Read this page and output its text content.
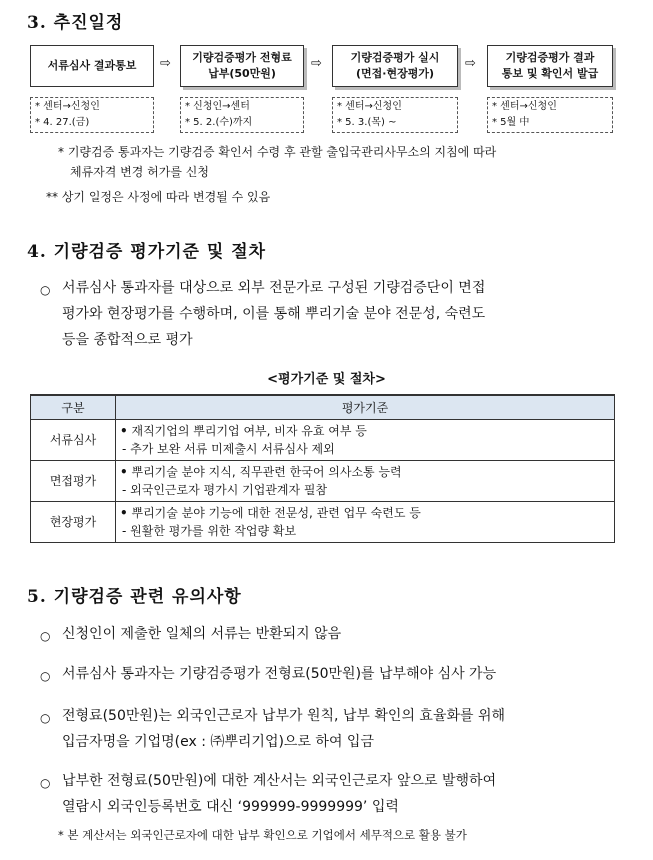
3. 추진일정
서류심사 결과통보 ⇨ 기량검증평가 전형료
납부(50만원)
⇨	기량검증평가 실시
(면접·현장평가)
⇨	기량검증평가 결과
통보 및 확인서 발급
* 센터→신청인
* 4. 27.(금)
* 신청인→센터
* 5. 2.(수)까지
* 센터→신청인
* 5. 3.(목) ~
* 센터→신청인
* 5월 中
* 기량검증 통과자는 기량검증 확인서 수령 후 관할 출입국관리사무소의 지침에 따라
체류자격 변경 허가를 신청
** 상기 일정은 사정에 따라 변경될 수 있음
4. 기량검증 평가기준 및 절차
○ 서류심사 통과자를 대상으로 외부 전문가로 구성된 기량검증단이 면접
평가와 현장평가를 수행하며, 이를 통해 뿌리기술 분야 전문성, 숙련도
등을 종합적으로 평가
<평가기준 및 절차>
구분	평가기준
서류심사	• 재직기업의 뿌리기업 여부, 비자 유효 여부 등
- 추가 보완 서류 미제출시 서류심사 제외

면접평가	• 뿌리기술 분야 지식, 직무관련 한국어 의사소통 능력
- 외국인근로자 평가시 기업관계자 필참

현장평가	• 뿌리기술 분야 기능에 대한 전문성, 관련 업무 숙련도 등
- 원활한 평가를 위한 작업량 확보
5. 기량검증 관련 유의사항
○ 신청인이 제출한 일체의 서류는 반환되지 않음
○ 서류심사 통과자는 기량검증평가 전형료(50만원)를 납부해야 심사 가능
○ 전형료(50만원)는 외국인근로자 납부가 원칙, 납부 확인의 효율화를 위해
입금자명을 기업명(ex : ㈜뿌리기업)으로 하여 입금
○ 납부한 전형료(50만원)에 대한 계산서는 외국인근로자 앞으로 발행하여
열람시 외국인등록번호 대신 ‘999999-9999999’ 입력
* 본 계산서는 외국인근로자에 대한 납부 확인으로 기업에서 세무적으로 활용 불가
